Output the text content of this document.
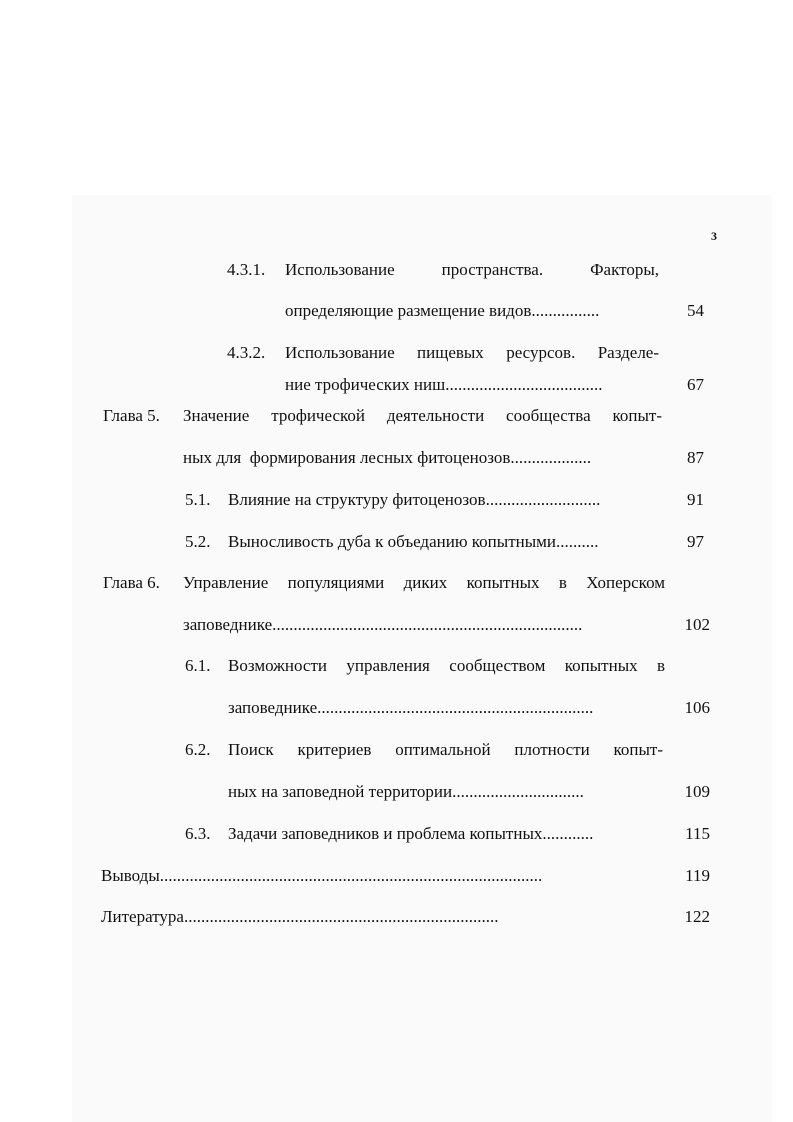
3
4.3.1. Использование	пространства.	Факторы,
определяющие размещение видов................	54
4.3.2. Использование пищевых ресурсов. Разделе-
ние трофических ниш.....................................	67
Глава 5. Значение трофической деятельности сообщества копыт-
ных для  формирования лесных фитоценозов...................	87
5.1. Влияние на структуру фитоценозов...........................	91
5.2. Выносливость дуба к объеданию копытными..........	97
Глава 6. Управление популяциями диких копытных в Хоперском
заповеднике.........................................................................	102
6.1. Возможности управления сообществом копытных в
заповеднике.................................................................	106
6.2. Поиск критериев оптимальной плотности копыт-
ных на заповедной территории...............................	109
6.3. Задачи заповедников и проблема копытных............	115
Выводы..........................................................................................	119
Литература..........................................................................	122
